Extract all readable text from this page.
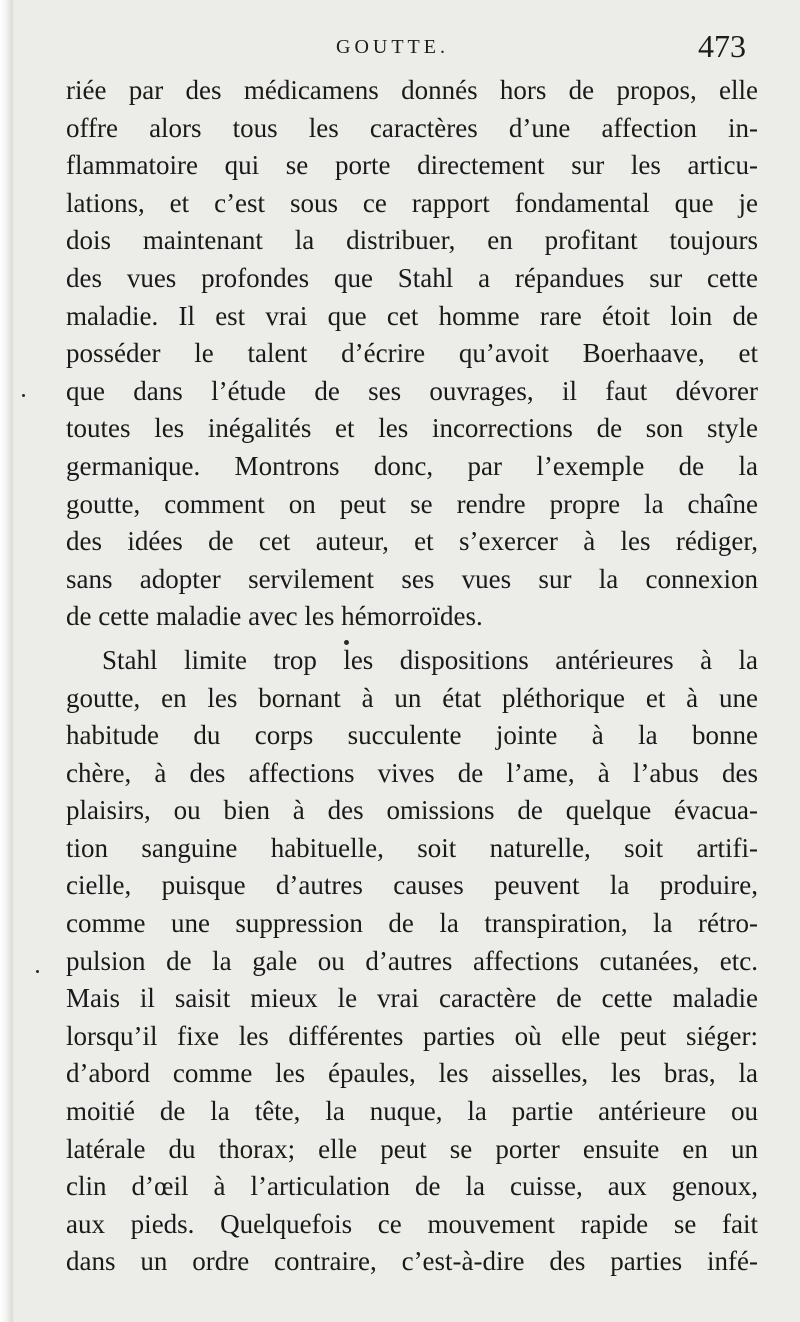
GOUTTE.	473
riée par des médicamens donnés hors de propos, elle
offre alors tous les caractères d’une affection in-
flammatoire qui se porte directement sur les articu-
lations, et c’est sous ce rapport fondamental que je
dois maintenant la distribuer, en profitant toujours
des vues profondes que Stahl a répandues sur cette
maladie. Il est vrai que cet homme rare étoit loin de
posséder le talent d’écrire qu’avoit Boerhaave, et
que dans l’étude de ses ouvrages, il faut dévorer
toutes les inégalités et les incorrections de son style
germanique. Montrons donc, par l’exemple de la
goutte, comment on peut se rendre propre la chaîne
des idées de cet auteur, et s’exercer à les rédiger,
sans adopter servilement ses vues sur la connexion
de cette maladie avec les hémorroïdes.
Stahl limite trop les dispositions antérieures à la
goutte, en les bornant à un état pléthorique et à une
habitude du corps succulente jointe à la bonne
chère, à des affections vives de l’ame, à l’abus des
plaisirs, ou bien à des omissions de quelque évacua-
tion sanguine habituelle, soit naturelle, soit artifi-
cielle, puisque d’autres causes peuvent la produire,
comme une suppression de la transpiration, la rétro-
pulsion de la gale ou d’autres affections cutanées, etc.
Mais il saisit mieux le vrai caractère de cette maladie
lorsqu’il fixe les différentes parties où elle peut siéger:
d’abord comme les épaules, les aisselles, les bras, la
moitié de la tête, la nuque, la partie antérieure ou
latérale du thorax; elle peut se porter ensuite en un
clin d’œil à l’articulation de la cuisse, aux genoux,
aux pieds. Quelquefois ce mouvement rapide se fait
dans un ordre contraire, c’est-à-dire des parties infé-
